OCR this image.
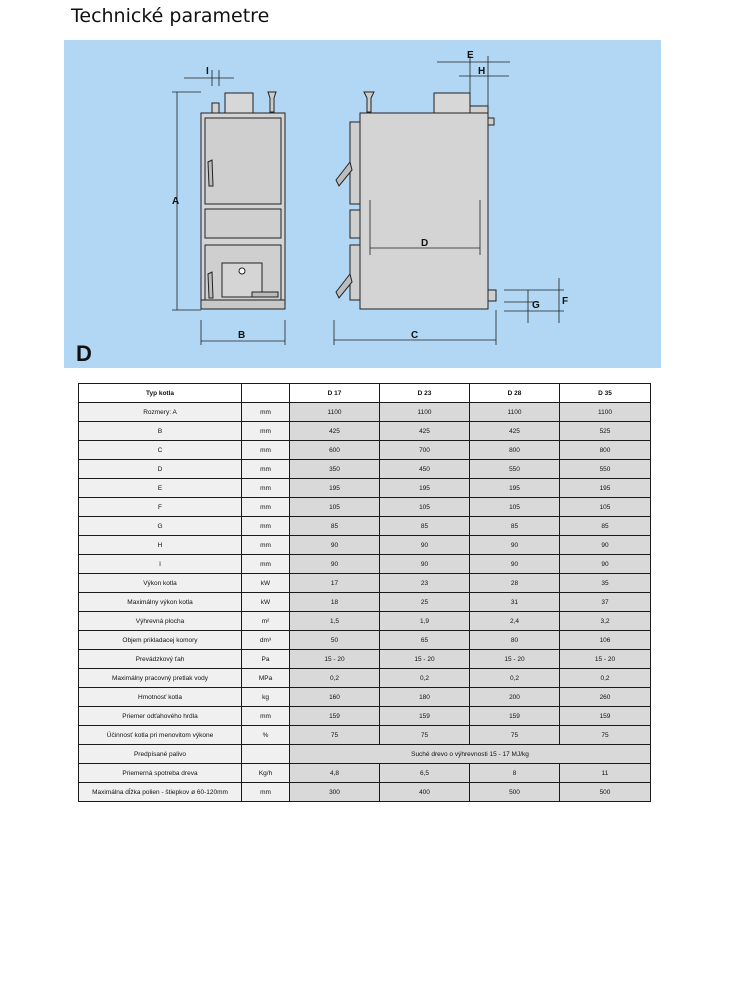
Technické parametre
A
B
I
D
C
E
H
G F
D
Typ kotla		D 17	D 23	D 28	D 35
Rozmery: A	mm	1100	1100	1100	1100
B	mm	425	425	425	525
C	mm	600	700	800	800
D	mm	350	450	550	550
E	mm	195	195	195	195
F	mm	105	105	105	105
G	mm	85	85	85	85
H	mm	90	90	90	90
I	mm	90	90	90	90
Výkon kotla	kW	17	23	28	35
Maximálny výkon kotla	kW	18	25	31	37
Výhrevná plocha	m²	1,5	1,9	2,4	3,2
Objem prikladacej komory	dm³	50	65	80	106
Prevádzkový ťah	Pa	15 - 20	15 - 20	15 - 20	15 - 20
Maximálny pracovný pretlak vody	MPa	0,2	0,2	0,2	0,2
Hmotnosť kotla	kg	160	180	200	260
Priemer odťahového hrdla	mm	159	159	159	159
Účinnosť kotla pri menovitom výkone	%	75	75	75	75
Predpísané palivo		Suché drevo o výhrevnosti 15 - 17 MJ/kg			
Priemerná spotreba dreva	Kg/h	4,8	6,5	8	11
Maximálna dĺžka polien - štiepkov ø 60-120mm	mm	300	400	500	500
